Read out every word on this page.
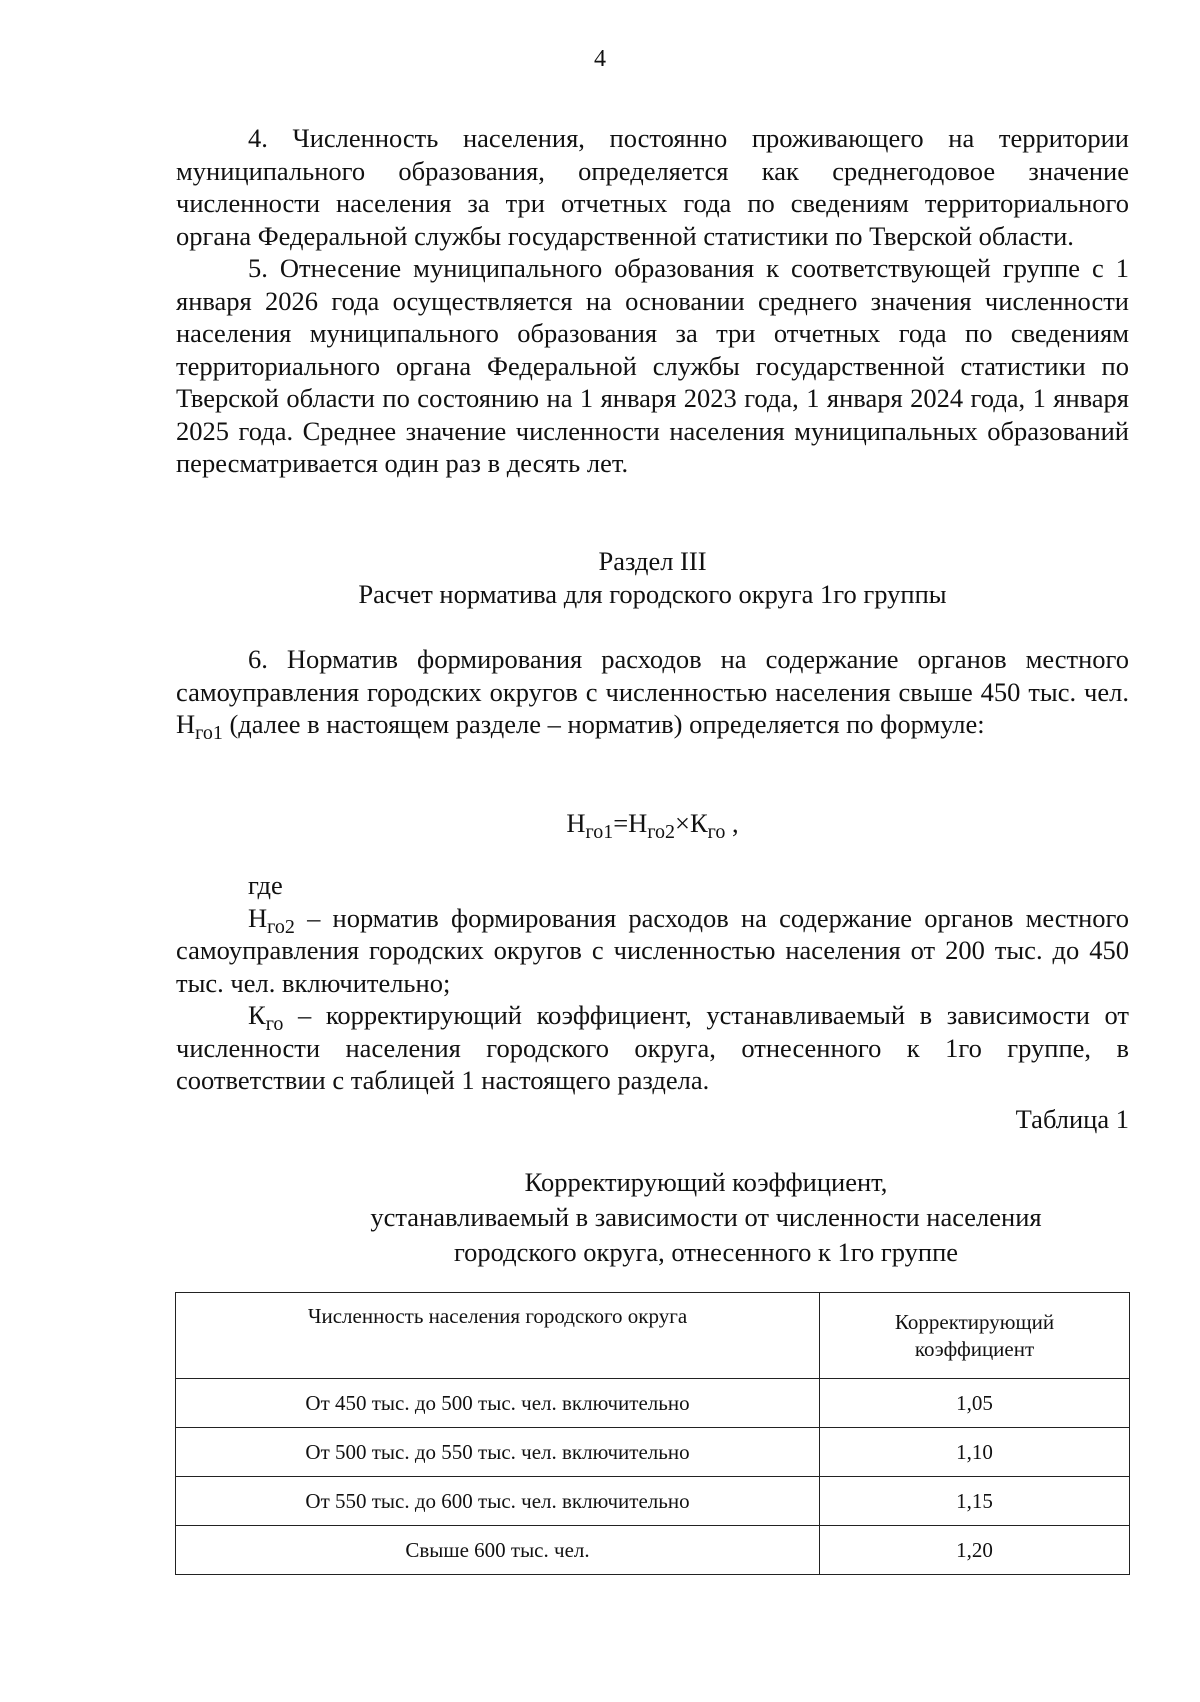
4

4. Численность населения, постоянно проживающего на территории муниципального образования, определяется как среднегодовое значение численности населения за три отчетных года по сведениям территориального органа Федеральной службы государственной статистики по Тверской области.

5. Отнесение муниципального образования к соответствующей группе с 1 января 2026 года осуществляется на основании среднего значения численности населения муниципального образования за три отчетных года по сведениям территориального органа Федеральной службы государственной статистики по Тверской области по состоянию на 1 января 2023 года, 1 января 2024 года, 1 января 2025 года. Среднее значение численности населения муниципальных образований пересматривается один раз в десять лет.

Раздел III

Расчет норматива для городского округа 1го группы

6. Норматив формирования расходов на содержание органов местного самоуправления городских округов с численностью населения свыше 450 тыс. чел. $Н_{го1}$ (далее в настоящем разделе – норматив) определяется по формуле:

$Н_{го1}=Н_{го2}\times К_{го}$ ,

где

$Н_{го2}$ – норматив формирования расходов на содержание органов местного самоуправления городских округов с численностью населения от 200 тыс. до 450 тыс. чел. включительно;

$К_{го}$ – корректирующий коэффициент, устанавливаемый в зависимости от численности населения городского округа, отнесенного к 1го группе, в соответствии с таблицей 1 настоящего раздела.

Таблица 1

Корректирующий коэффициент,

устанавливаемый в зависимости от численности населения

городского округа, отнесенного к 1го группе

Численность населения городского округа	Корректирующий
коэффициент

От 450 тыс. до 500 тыс. чел. включительно	1,05
От 500 тыс. до 550 тыс. чел. включительно	1,10
От 550 тыс. до 600 тыс. чел. включительно	1,15
Свыше 600 тыс. чел.	1,20
